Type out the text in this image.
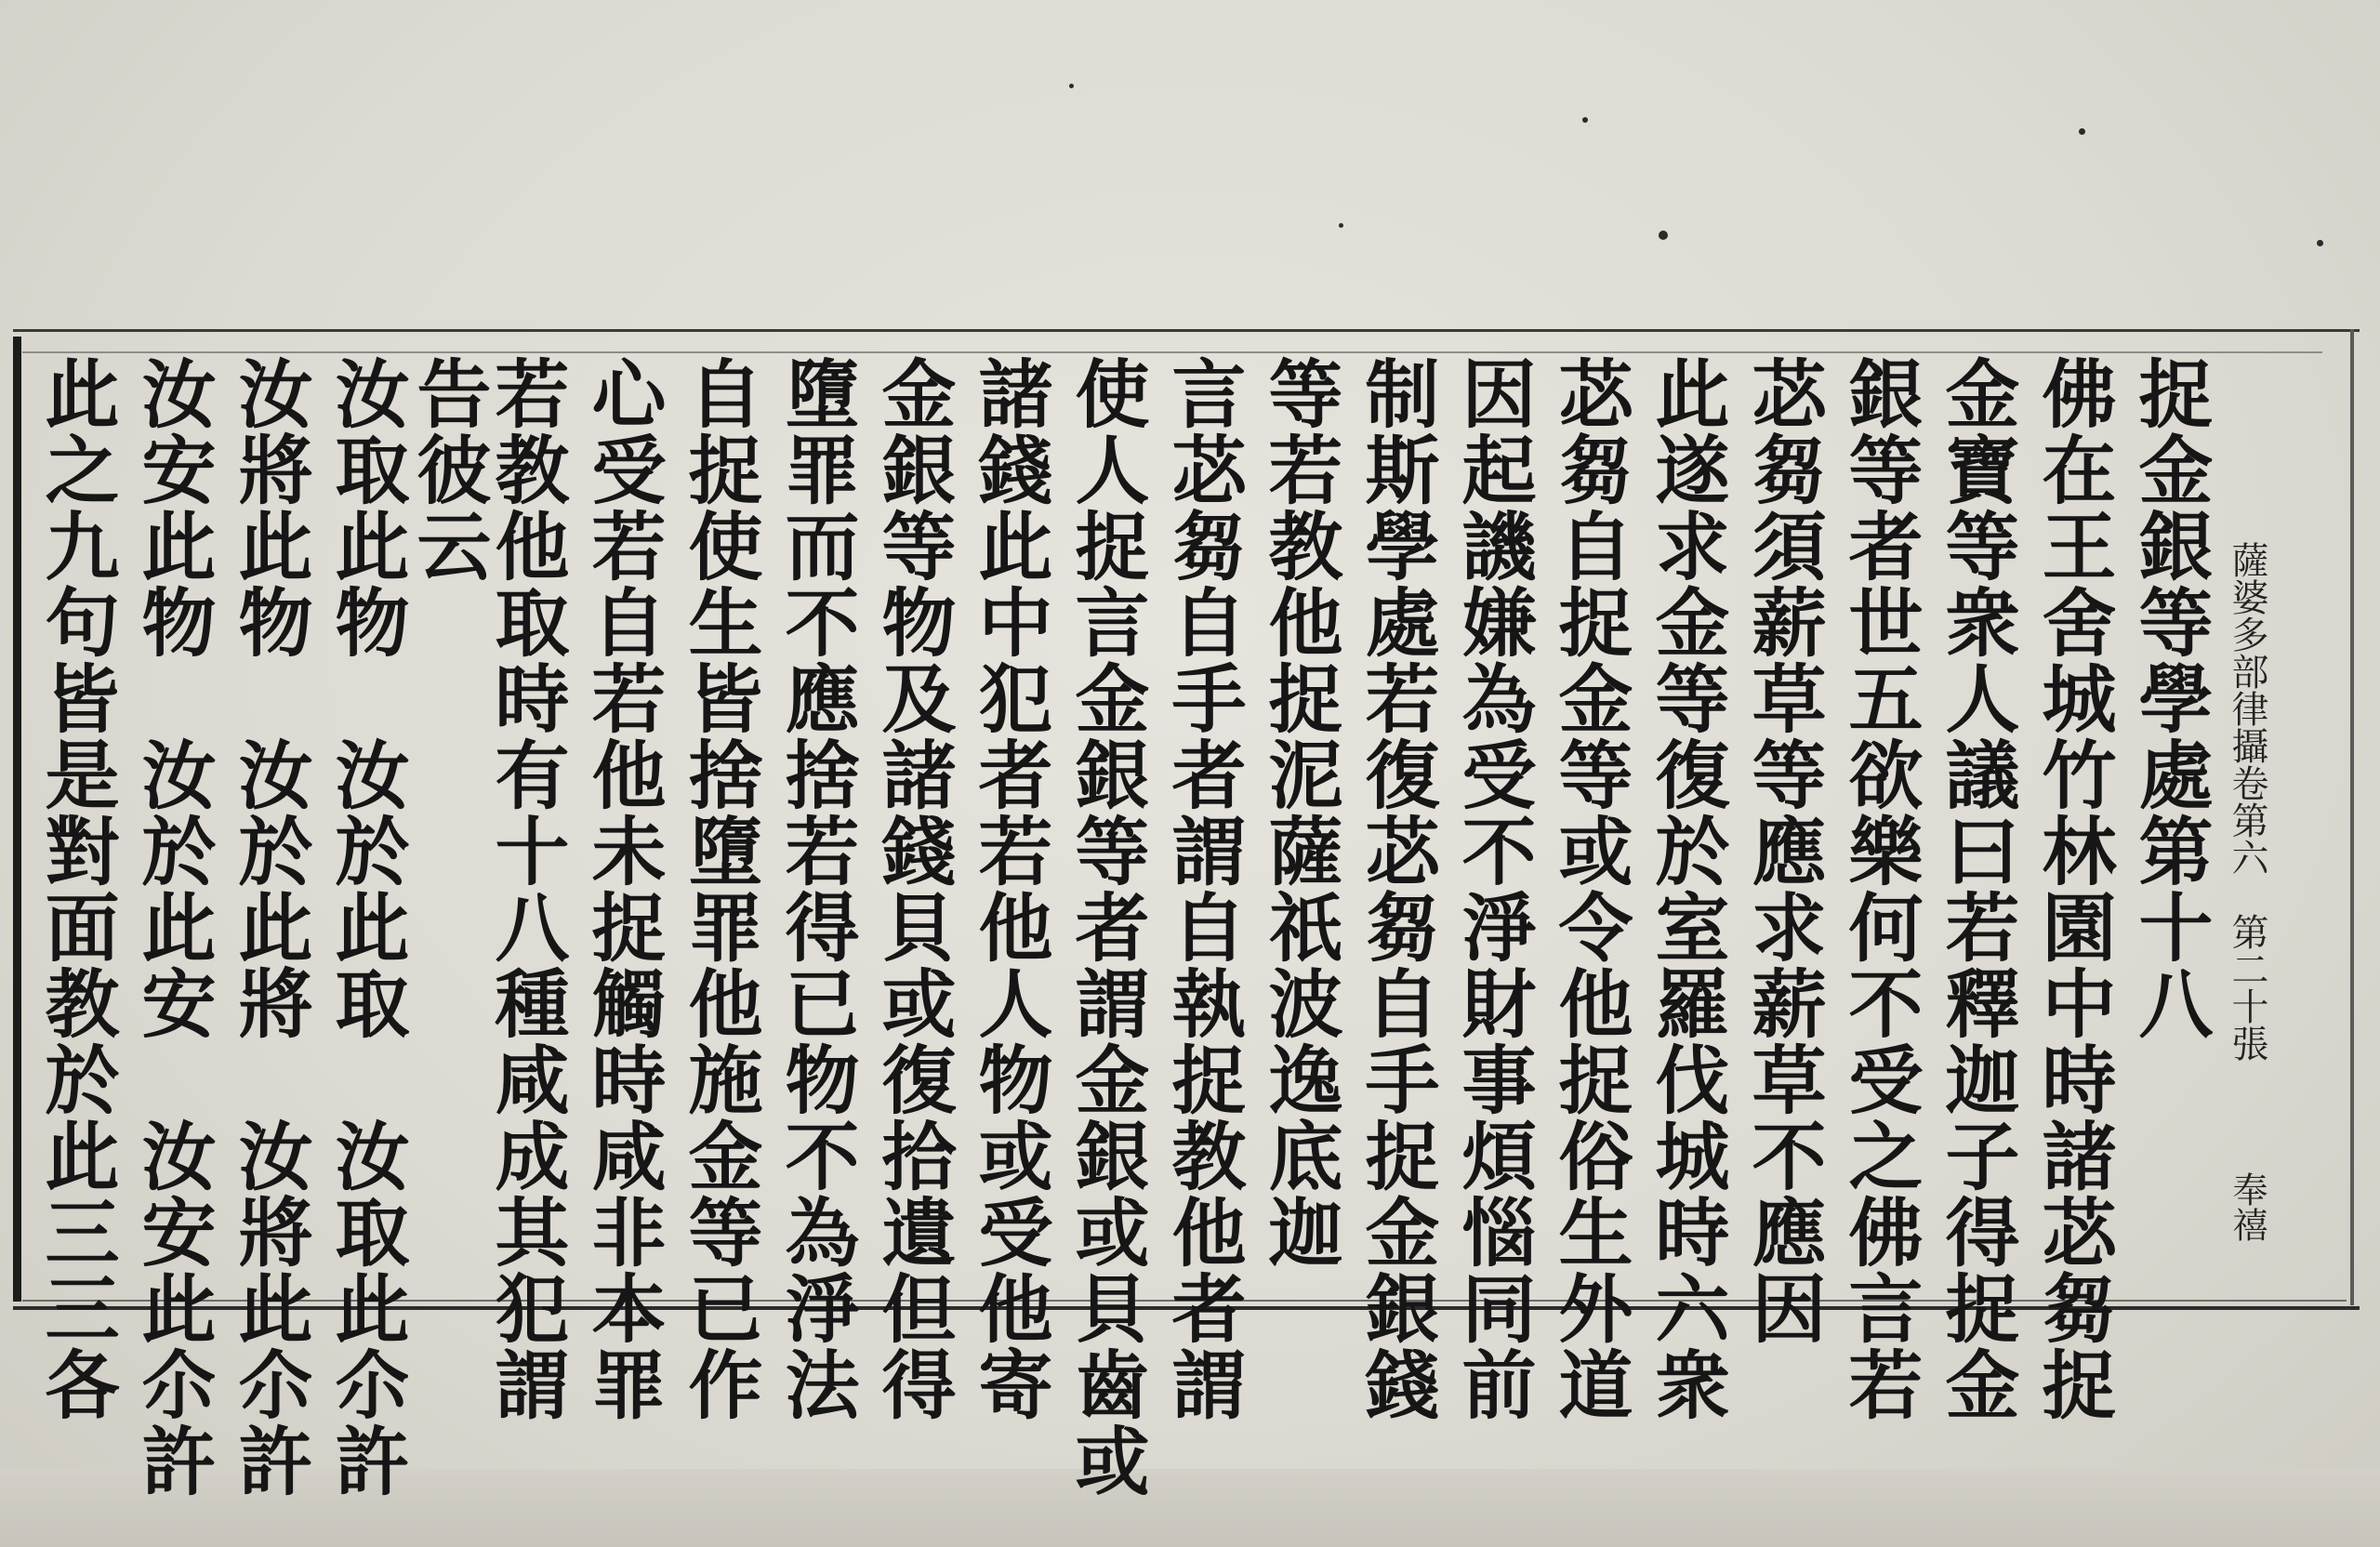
薩婆多部律攝卷第六　第二十張
奉禧
捉金銀等學處第十八
佛在王舍城竹林園中時諸苾芻捉
金寶等衆人議曰若釋迦子得捉金
銀等者世五欲樂何不受之佛言若
苾芻須薪草等應求薪草不應因
此遂求金等復於室羅伐城時六衆
苾芻自捉金等或令他捉俗生外道
因起譏嫌為受不淨財事煩惱同前
制斯學處若復苾芻自手捉金銀錢
等若教他捉泥薩祇波逸底迦
言苾芻自手者謂自執捉教他者謂
使人捉言金銀等者謂金銀或貝齒或
諸錢此中犯者若他人物或受他寄
金銀等物及諸錢貝或復拾遺但得
墮罪而不應捨若得已物不為淨法
自捉使生皆捨墮罪他施金等已作
心受若自若他未捉觸時咸非本罪
若教他取時有十八種咸成其犯謂
告彼云
汝取此物　汝於此取　汝取此尒許
汝將此物　汝於此將　汝將此尒許
汝安此物　汝於此安　汝安此尒許
此之九句皆是對面教於此三三各
